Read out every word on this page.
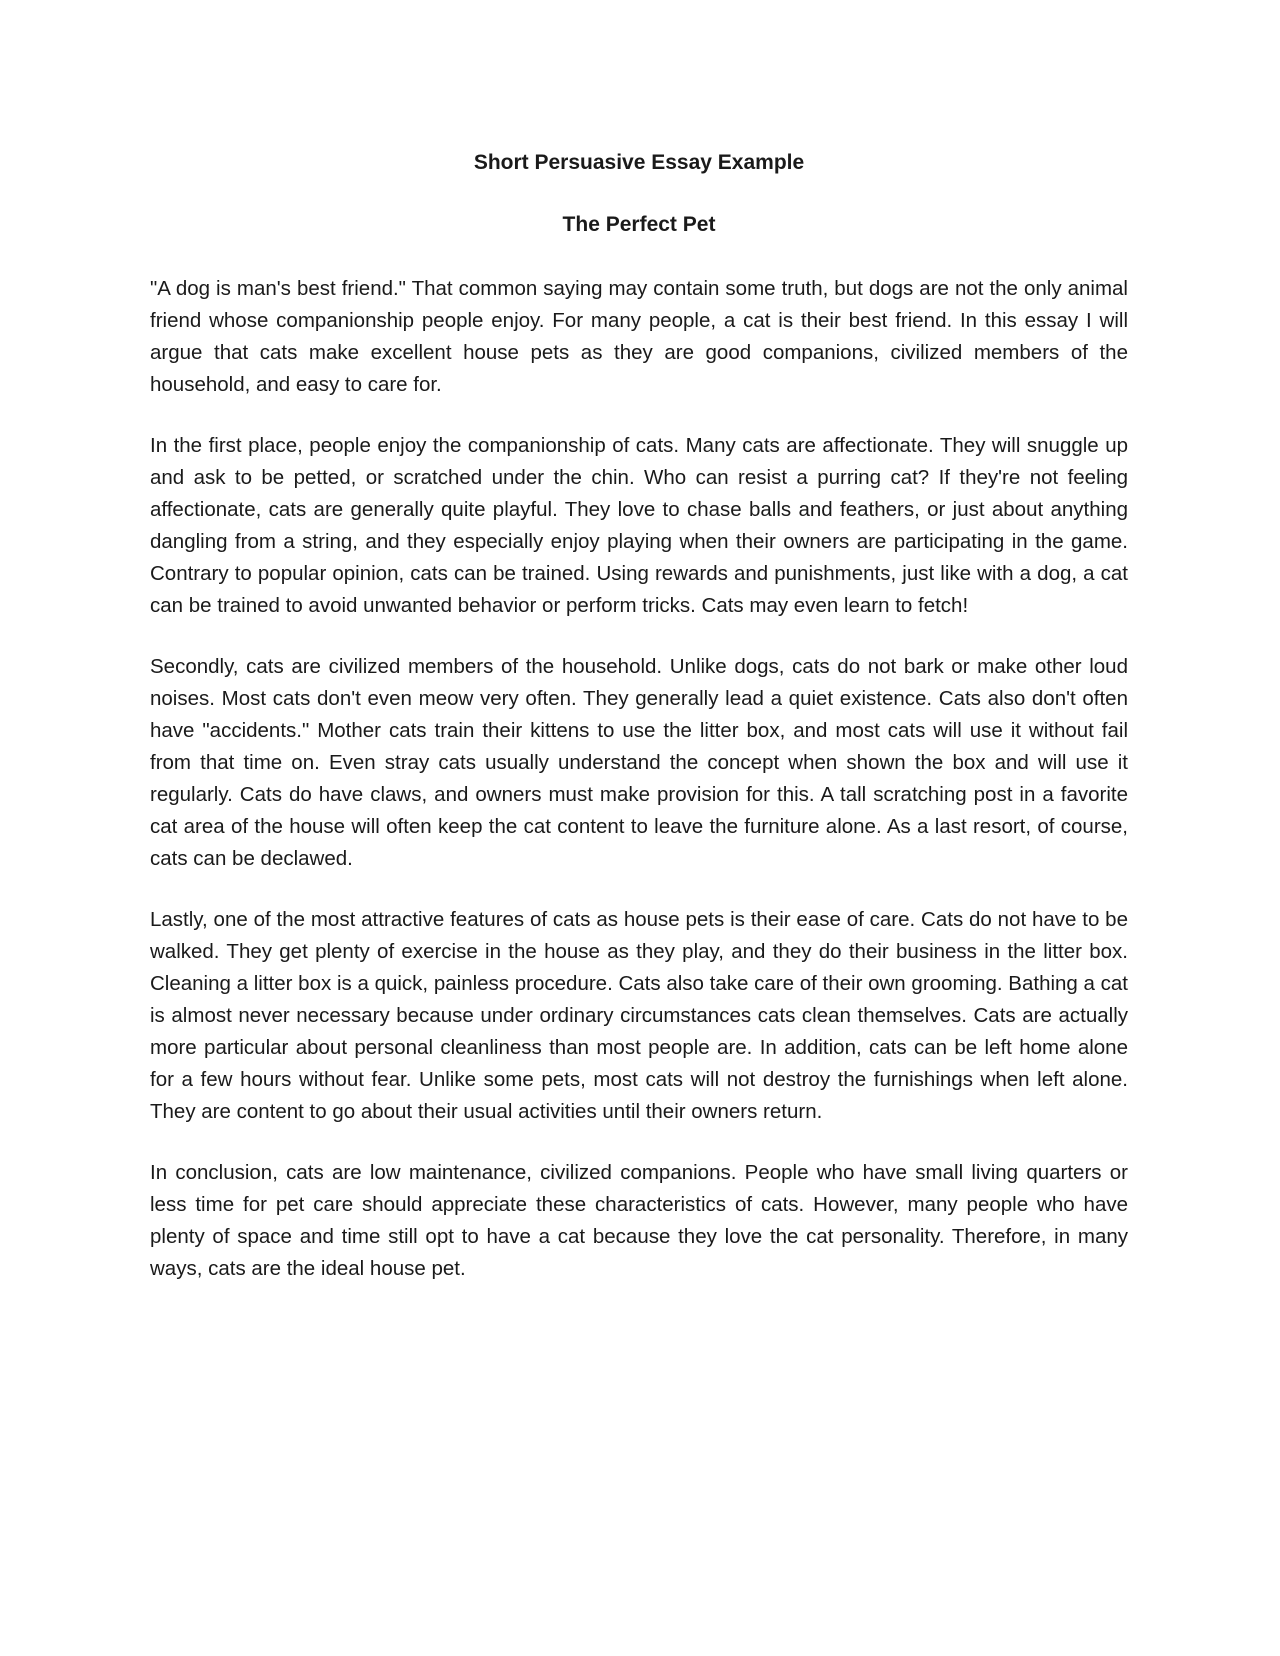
Short Persuasive Essay Example
The Perfect Pet

"A dog is man's best friend." That common saying may contain some truth, but dogs are not the only animal friend whose companionship people enjoy. For many people, a cat is their best friend. In this essay I will argue that cats make excellent house pets as they are good companions, civilized members of the household, and easy to care for.

In the first place, people enjoy the companionship of cats. Many cats are affectionate. They will snuggle up and ask to be petted, or scratched under the chin. Who can resist a purring cat? If they're not feeling affectionate, cats are generally quite playful. They love to chase balls and feathers, or just about anything dangling from a string, and they especially enjoy playing when their owners are participating in the game. Contrary to popular opinion, cats can be trained. Using rewards and punishments, just like with a dog, a cat can be trained to avoid unwanted behavior or perform tricks. Cats may even learn to fetch!

Secondly, cats are civilized members of the household. Unlike dogs, cats do not bark or make other loud noises. Most cats don't even meow very often. They generally lead a quiet existence. Cats also don't often have "accidents." Mother cats train their kittens to use the litter box, and most cats will use it without fail from that time on. Even stray cats usually understand the concept when shown the box and will use it regularly. Cats do have claws, and owners must make provision for this. A tall scratching post in a favorite cat area of the house will often keep the cat content to leave the furniture alone. As a last resort, of course, cats can be declawed.

Lastly, one of the most attractive features of cats as house pets is their ease of care. Cats do not have to be walked. They get plenty of exercise in the house as they play, and they do their business in the litter box. Cleaning a litter box is a quick, painless procedure. Cats also take care of their own grooming. Bathing a cat is almost never necessary because under ordinary circumstances cats clean themselves. Cats are actually more particular about personal cleanliness than most people are. In addition, cats can be left home alone for a few hours without fear. Unlike some pets, most cats will not destroy the furnishings when left alone. They are content to go about their usual activities until their owners return.

In conclusion, cats are low maintenance, civilized companions. People who have small living quarters or less time for pet care should appreciate these characteristics of cats. However, many people who have plenty of space and time still opt to have a cat because they love the cat personality. Therefore, in many ways, cats are the ideal house pet.
